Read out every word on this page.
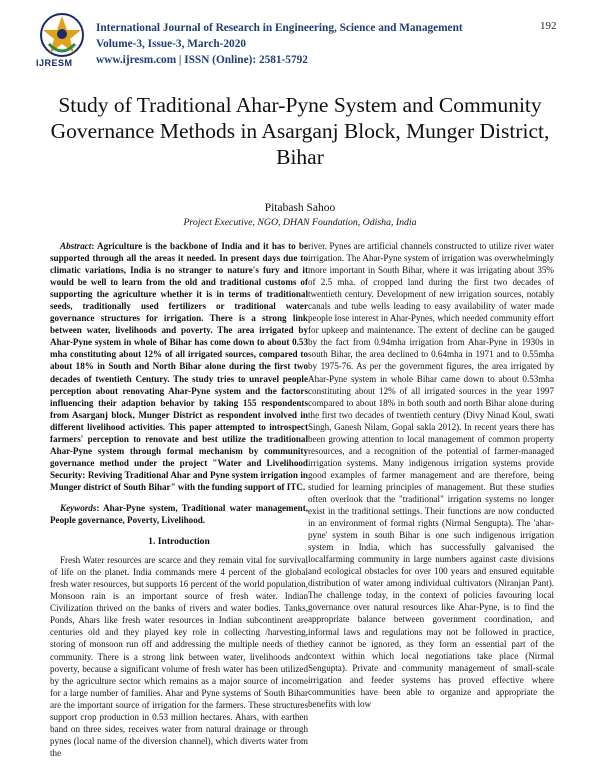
IJRESM
International Journal of Research in Engineering, Science and Management
Volume-3, Issue-3, March-2020
www.ijresm.com | ISSN (Online): 2581-5792
192
Study of Traditional Ahar-Pyne System and Community Governance Methods in Asarganj Block, Munger District, Bihar
Pitabash Sahoo
Project Executive, NGO, DHAN Foundation, Odisha, India

Abstract: Agriculture is the backbone of India and it has to be supported through all the areas it needed. In present days due to climatic variations, India is no stranger to nature's fury and it would be well to learn from the old and traditional customs of supporting the agriculture whether it is in terms of traditional seeds, traditionally used fertilizers or traditional water governance structures for irrigation. There is a strong link between water, livelihoods and poverty. The area irrigated by Ahar-Pyne system in whole of Bihar has come down to about 0.53 mha constituting about 12% of all irrigated sources, compared to about 18% in South and North Bihar alone during the first two decades of twentieth Century. The study tries to unravel people perception about renovating Ahar-Pyne system and the factors influencing their adaption behavior by taking 155 respondents from Asarganj block, Munger District as respondent involved in different livelihood activities. This paper attempted to introspect farmers' perception to renovate and best utilize the traditional Ahar-Pyne system through formal mechanism by community governance method under the project "Water and Livelihood Security: Reviving Traditional Ahar and Pyne system irrigation in Munger district of South Bihar" with the funding support of ITC.

Keywords: Ahar-Pyne system, Traditional water management, People governance, Poverty, Livelihood.

1. Introduction

Fresh Water resources are scarce and they remain vital for survival of life on the planet. India commands mere 4 percent of the global fresh water resources, but supports 16 percent of the world population, Monsoon rain is an important source of fresh water. Indian Civilization thrived on the banks of rivers and water bodies. Tanks, Ponds, Ahars like fresh water resources in Indian subcontinent are centuries old and they played key role in collecting /harvesting, storing of monsoon run off and addressing the multiple needs of the community. There is a strong link between water, livelihoods and poverty, because a significant volume of fresh water has been utilized by the agriculture sector which remains as a major source of income for a large number of families. Ahar and Pyne systems of South Bihar are the important source of irrigation for the farmers. These structures support crop production in 0.53 million hectares. Ahars, with earthen band on three sides, receives water from natural drainage or through pynes (local name of the diversion channel), which diverts water from the

river. Pynes are artificial channels constructed to utilize river water irrigation. The Ahar-Pyne system of irrigation was overwhelmingly more important in South Bihar, where it was irrigating about 35% of 2.5 mha. of cropped land during the first two decades of twentieth century. Development of new irrigation sources, notably canals and tube wells leading to easy availability of water made people lose interest in Ahar-Pynes, which needed community effort for upkeep and maintenance. The extent of decline can be gauged by the fact from 0.94mha irrigation from Ahar-Pyne in 1930s in south Bihar, the area declined to 0.64mha in 1971 and to 0.55mha by 1975-76. As per the government figures, the area irrigated by Ahar-Pyne system in whole Bihar came down to about 0.53mha constituting about 12% of all irrigated sources in the year 1997 compared to about 18% in both south and north Bihar alone during the first two decades of twentieth century (Divy Ninad Koul, swati Singh, Ganesh Nilam, Gopal sakla 2012). In recent years there has been growing attention to local management of common property resources, and a recognition of the potential of farmer-managed irrigation systems. Many indigenous irrigation systems provide good examples of farmer management and are therefore, being studied for learning principles of management. But these studies often overlook that the "traditional" irrigation systems no longer exist in the traditional settings. Their functions are now conducted in an environment of formal rights (Nirmal Sengupta). The 'ahar-pyne' system in south Bihar is one such indigenous irrigation system in India, which has successfully galvanised the localfarming community in large numbers against caste divisions and ecological obstacles for over 100 years and ensured equitable distribution of water among individual cultivators (Niranjan Pant). The challenge today, in the context of policies favouring local governance over natural resources like Ahar-Pyne, is to find the appropriate balance between government coordination, and informal laws and regulations may not be followed in practice, they cannot be ignored, as they form an essential part of the context within which local negotiations take place (Nirmal Sengupta). Private and community management of small-scale irrigation and feeder systems has proved effective where communities have been able to organize and appropriate the benefits with low
